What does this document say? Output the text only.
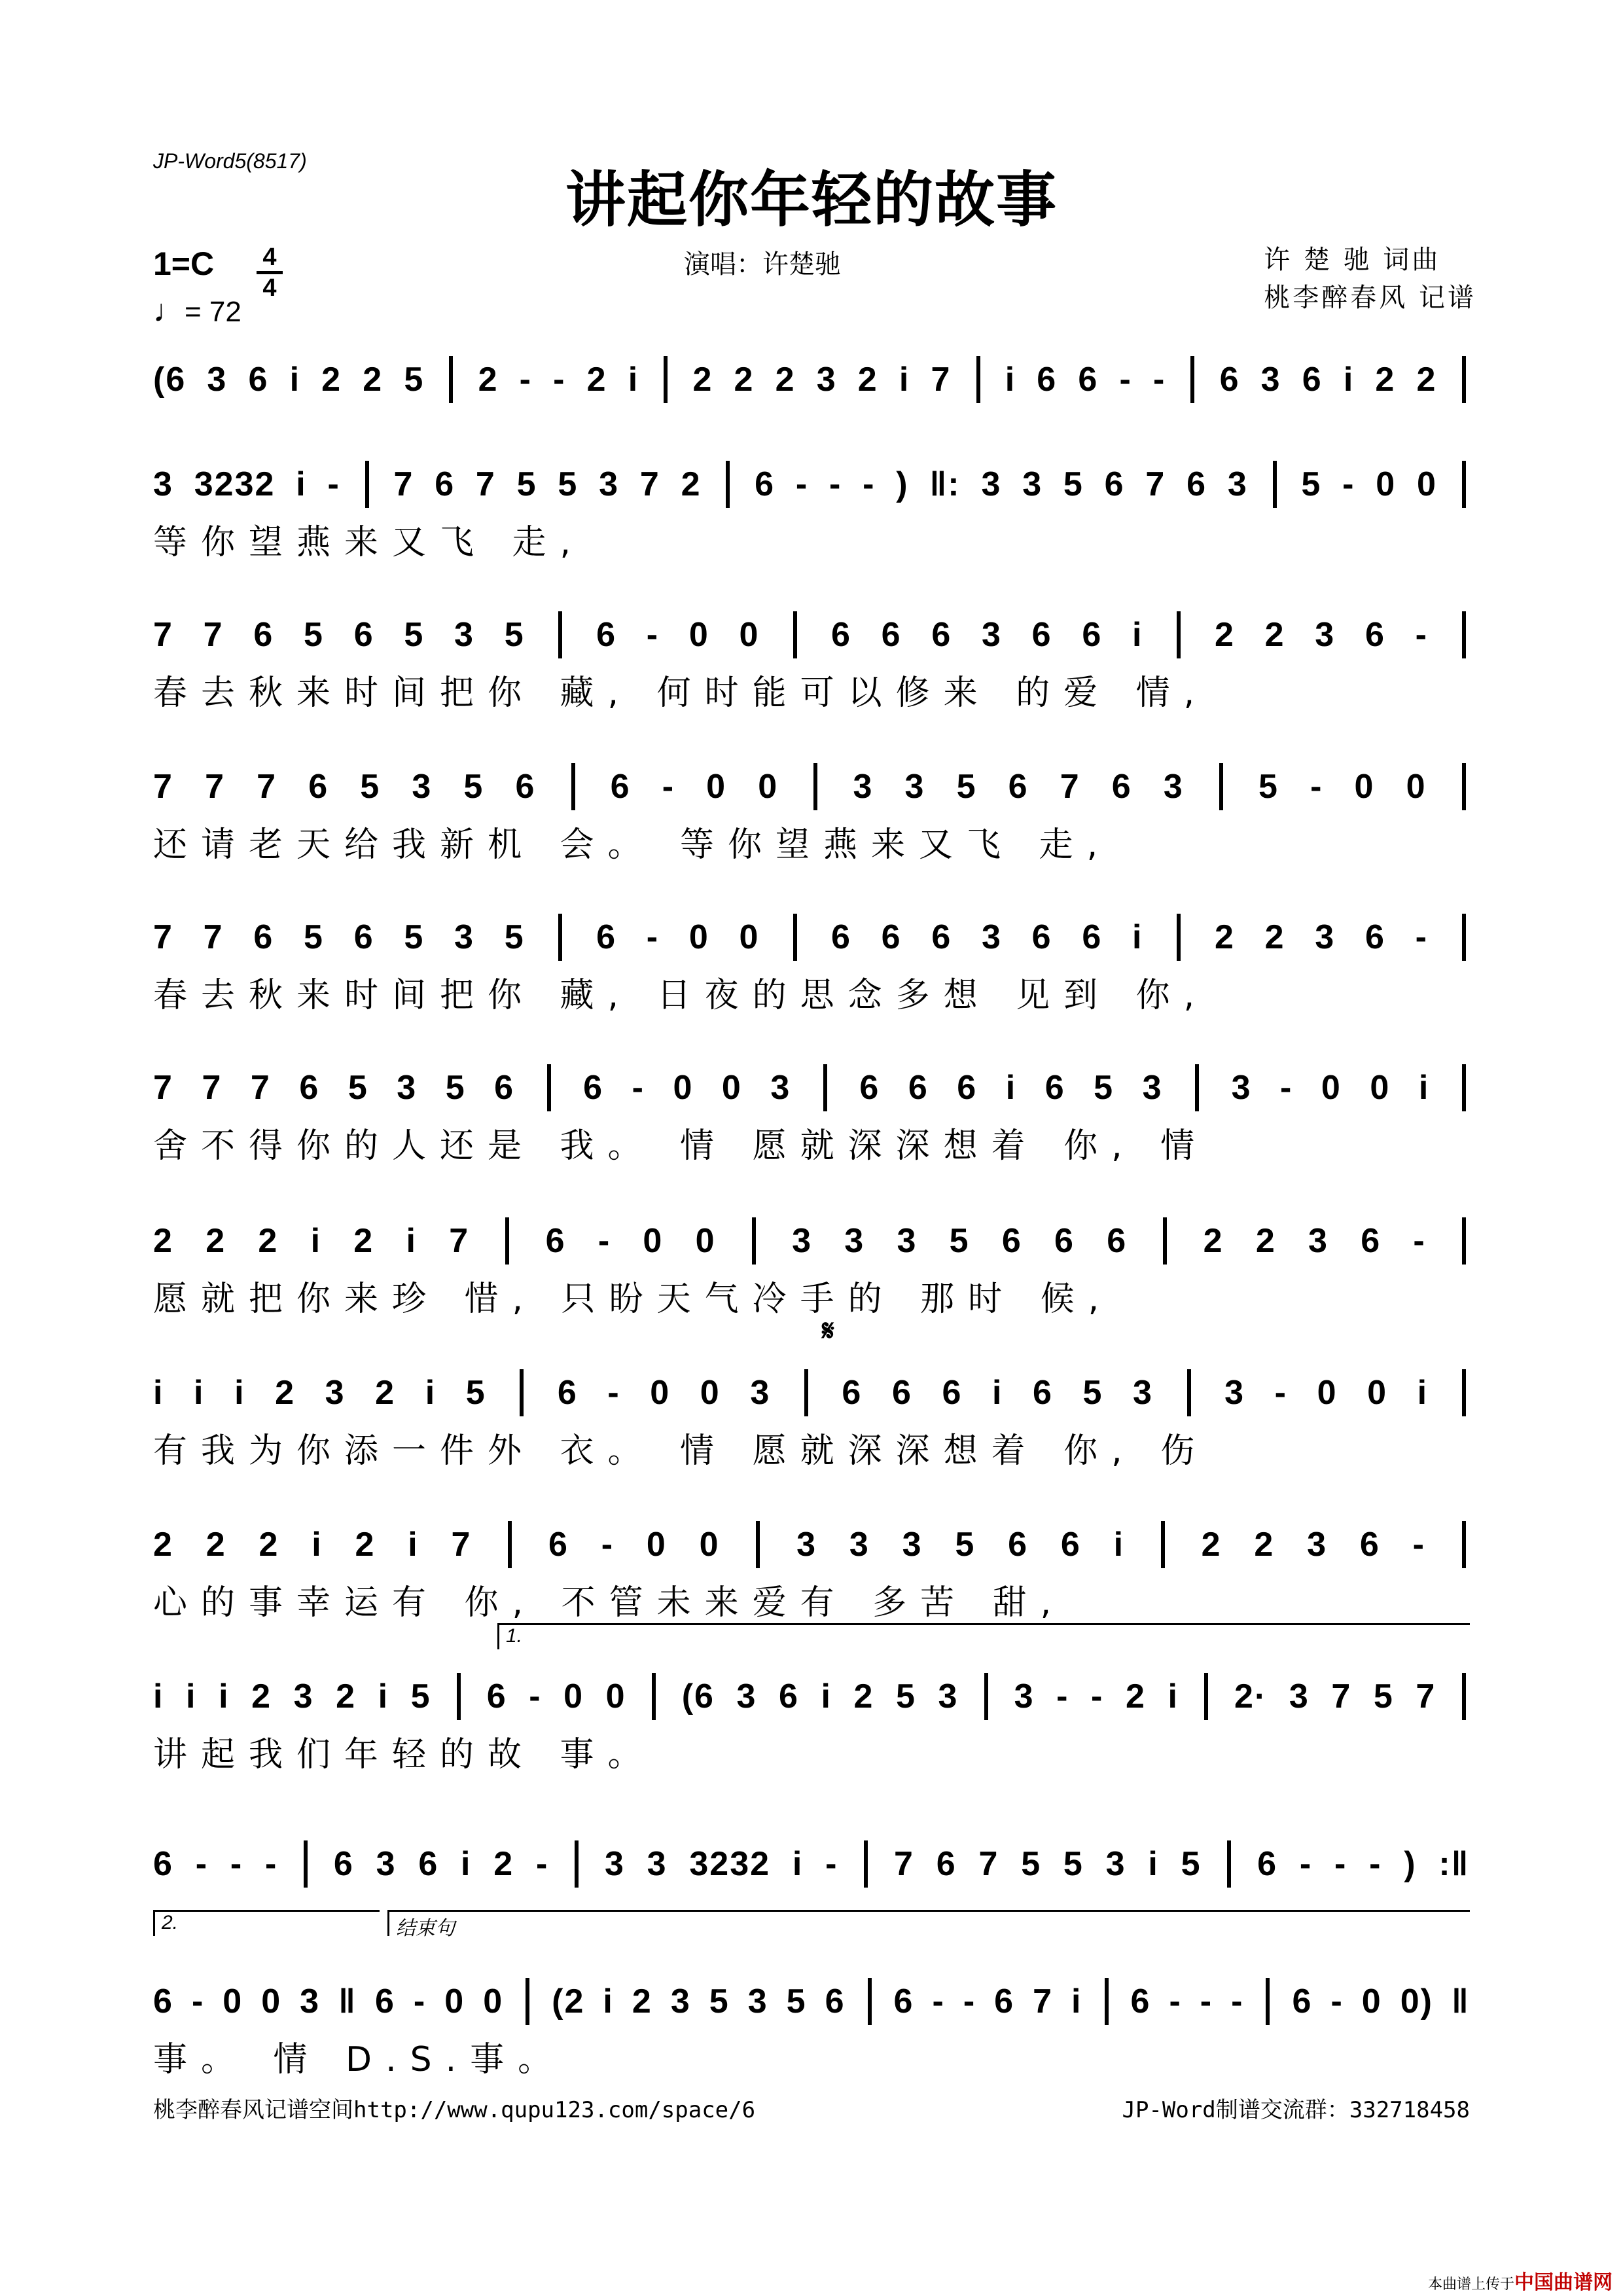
JP-Word5(8517)
讲起你年轻的故事
1=C 4
4
♩= 72
演唱：许楚驰	许 楚 驰 词曲
桃李醉春风 记谱
𝄋
(6 3 6 i 2 2 5 2 - - 2 i 2 2 2 3 2 i 7 i 6 6 - - 6 3 6 i 2 2
3 3232 i - 7 6 7 5 5 3 7 2 6 - - - ) ‖: 3 3 5 6 7 6 3 5 - 0 0
等你望燕来又飞 走,
7 7 6 5 6 5 3 5 6 - 0 0 6 6 6 3 6 6 i 2 2 3 6 -
春去秋来时间把你 藏, 何时能可以修来 的爱 情,
7 7 7 6 5 3 5 6 6 - 0 0 3 3 5 6 7 6 3 5 - 0 0
还请老天给我新机 会。 等你望燕来又飞 走,
7 7 6 5 6 5 3 5 6 - 0 0 6 6 6 3 6 6 i 2 2 3 6 -
春去秋来时间把你 藏, 日夜的思念多想 见到 你,
7 7 7 6 5 3 5 6 6 - 0 0 3 6 6 6 i 6 5 3 3 - 0 0 i
舍不得你的人还是 我。 情 愿就深深想着 你, 情
2 2 2 i 2 i 7 6 - 0 0 3 3 3 5 6 6 6 2 2 3 6 -
愿就把你来珍 惜, 只盼天气冷手的 那时 候,
i i i 2 3 2 i 5 6 - 0 0 3 6 6 6 i 6 5 3 3 - 0 0 i
有我为你添一件外 衣。 情 愿就深深想着 你, 伤
2 2 2 i 2 i 7 6 - 0 0 3 3 3 5 6 6 i 2 2 3 6 -
心的事幸运有 你, 不管未来爱有 多苦 甜,
i i i 2 3 2 i 5 6 - 0 0 (6 3 6 i 2 5 3 3 - - 2 i 2· 3 7 5 7
讲起我们年轻的故 事。
6 - - - 6 3 6 i 2 - 3 3 3232 i - 7 6 7 5 5 3 i 5 6 - - - ) :‖
6 - 0 0 3 ‖ 6 - 0 0 (2 i 2 3 5 3 5 6 6 - - 6 7 i 6 - - - 6 - 0 0) ‖
事。 情 D.S.事。
1.
2.	结束句
桃李醉春风记谱空间http://www.qupu123.com/space/6	JP-Word制谱交流群：332718458
本曲谱上传于中国曲谱网
